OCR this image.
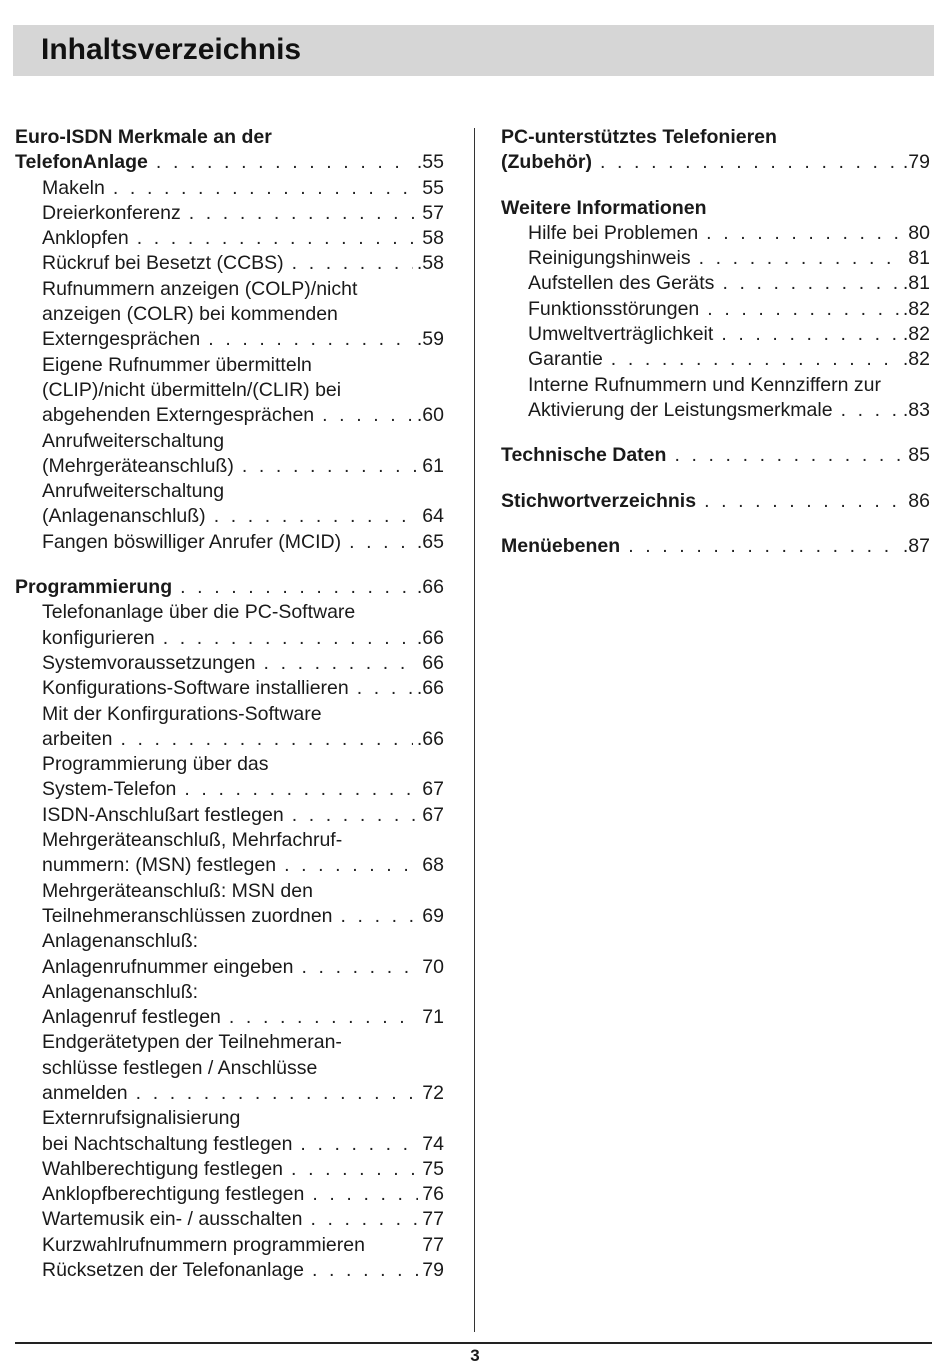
Inhaltsverzeichnis
Euro-ISDN Merkmale an der
TelefonAnlage . . .	.55
Makeln . . .	55
Dreierkonferenz . . .	57
Anklopfen . . .	58
Rückruf bei Besetzt (CCBS) . . .	.58
Rufnummern anzeigen (COLP)/nicht
anzeigen (COLR) bei kommenden
Externgesprächen . . .	.59
Eigene Rufnummer übermitteln
(CLIP)/nicht übermitteln/(CLIR) bei
abgehenden Externgesprächen . . .	.60
Anrufweiterschaltung
(Mehrgeräteanschluß) . . .	61
Anrufweiterschaltung
(Anlagenanschluß) . . .	64
Fangen böswilliger Anrufer (MCID) . . .	.65
Programmierung . . .	.66
Telefonanlage über die PC-Software
konfigurieren . . .	.66
Systemvoraussetzungen . . .	66
Konfigurations-Software installieren . . .	.66
Mit der Konfirgurations-Software
arbeiten . . .	.66
Programmierung über das
System-Telefon . . .	67
ISDN-Anschlußart festlegen . . .	67
Mehrgeräteanschluß, Mehrfachruf-
nummern: (MSN) festlegen . . .	68
Mehrgeräteanschluß: MSN den
Teilnehmeranschlüssen zuordnen . . .	69
Anlagenanschluß:
Anlagenrufnummer eingeben . . .	70
Anlagenanschluß:
Anlagenruf festlegen . . .	71
Endgerätetypen der Teilnehmeran-
schlüsse festlegen / Anschlüsse
anmelden . . .	72
Externrufsignalisierung
bei Nachtschaltung festlegen . . .	74
Wahlberechtigung festlegen . . .	75
Anklopfberechtigung festlegen . . .	76
Wartemusik ein- / ausschalten . . .	77
Kurzwahlrufnummern programmieren	77
Rücksetzen der Telefonanlage . . .	79
PC-unterstütztes Telefonieren
(Zubehör) . . .	.79
Weitere Informationen
Hilfe bei Problemen . . .	80
Reinigungshinweis . . .	81
Aufstellen des Geräts . . .	.81
Funktionsstörungen . . .	.82
Umweltverträglichkeit . . .	.82
Garantie . . .	.82
Interne Rufnummern und Kennziffern zur
Aktivierung der Leistungsmerkmale . . .	.83
Technische Daten . . .	85
Stichwortverzeichnis . . .	86
Menüebenen . . .	.87
3
